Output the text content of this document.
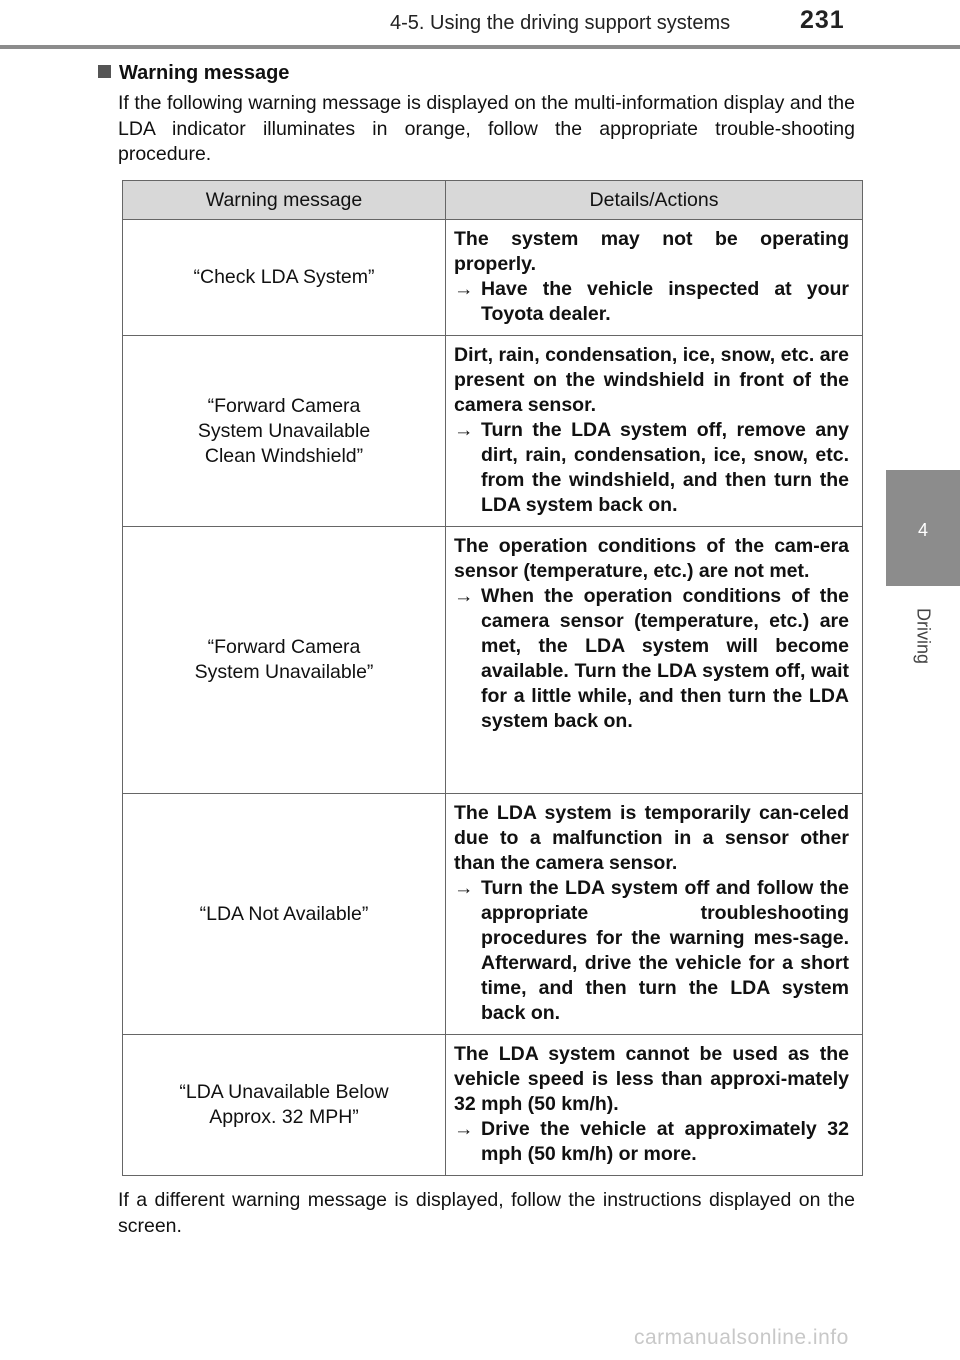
4-5. Using the driving support systems	231
4
Driving
Warning message
If the following warning message is displayed on the multi-information display and the LDA indicator illuminates in orange, follow the appropriate trouble-shooting procedure.
Warning message	Details/Actions

“Check LDA System”	The system may not be operating properly.
→ Have the vehicle inspected at your Toyota dealer.

“Forward Camera System Unavailable Clean Windshield”	Dirt, rain, condensation, ice, snow, etc. are present on the windshield in front of the camera sensor.
→ Turn the LDA system off, remove any dirt, rain, condensation, ice, snow, etc. from the windshield, and then turn the LDA system back on.

“Forward Camera System Unavailable”	The operation conditions of the cam-era sensor (temperature, etc.) are not met.
→ When the operation conditions of the camera sensor (temperature, etc.) are met, the LDA system will become available. Turn the LDA system off, wait for a little while, and then turn the LDA system back on.

“LDA Not Available”	The LDA system is temporarily can-celed due to a malfunction in a sensor other than the camera sensor.
→ Turn the LDA system off and follow the appropriate troubleshooting procedures for the warning mes-sage. Afterward, drive the vehicle for a short time, and then turn the LDA system back on.

“LDA Unavailable Below Approx. 32 MPH”	The LDA system cannot be used as the vehicle speed is less than approxi-mately 32 mph (50 km/h).
→ Drive the vehicle at approximately 32 mph (50 km/h) or more.
If a different warning message is displayed, follow the instructions displayed on the screen.
carmanualsonline.info
